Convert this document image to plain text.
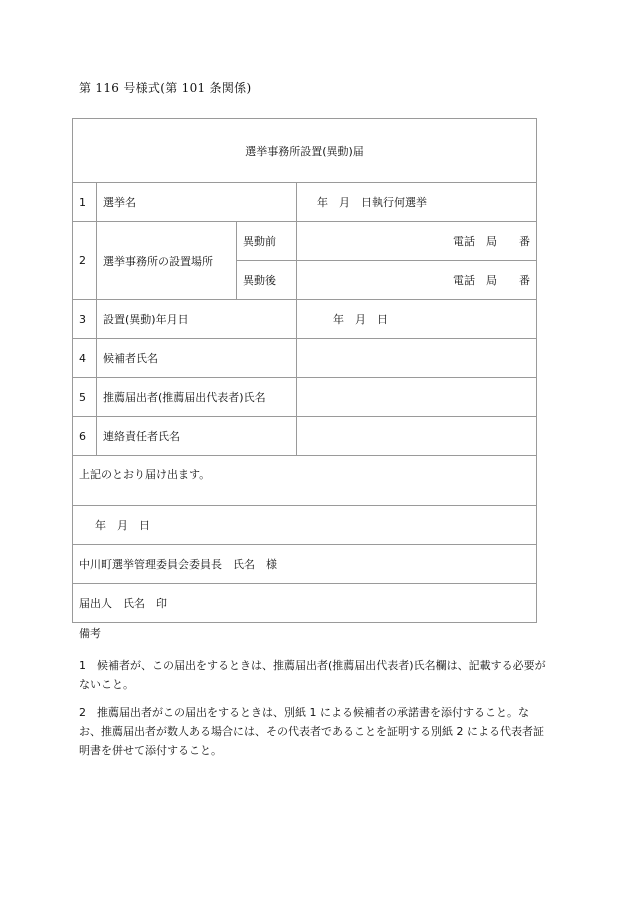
第 116 号様式(第 101 条関係)
選挙事務所設置(異動)届			
1	選挙名		年　月　日執行何選挙
2	選挙事務所の設置場所	異動前	電話　局　　番
		異動後	電話　局　　番
3	設置(異動)年月日		年　月　日
4	候補者氏名		
5	推薦届出者(推薦届出代表者)氏名		
6	連絡責任者氏名		
上記のとおり届け出ます。			
年　月　日			
中川町選挙管理委員会委員長　氏名　様			
届出人　氏名　印			
備考

1　候補者が、この届出をするときは、推薦届出者(推薦届出代表者)氏名欄は、記載する必要がないこと。

2　推薦届出者がこの届出をするときは、別紙 1 による候補者の承諾書を添付すること。なお、推薦届出者が数人ある場合には、その代表者であることを証明する別紙 2 による代表者証明書を併せて添付すること。
